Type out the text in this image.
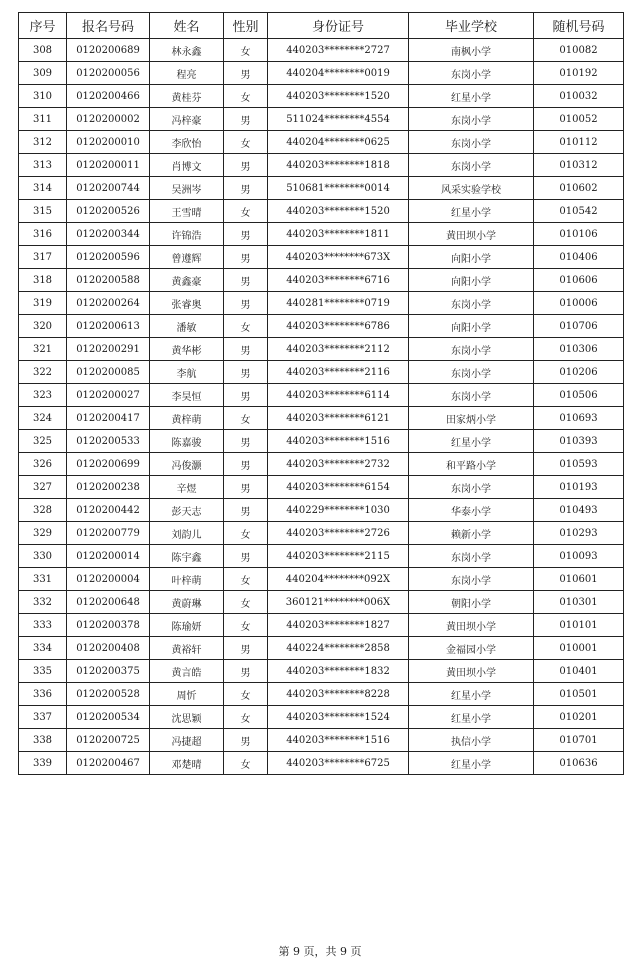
序号	报名号码	姓名	性别	身份证号	毕业学校	随机号码
308	0120200689	林永鑫	女	440203********2727	南枫小学	010082
309	0120200056	程亮	男	440204********0019	东岗小学	010192
310	0120200466	黄桂芬	女	440203********1520	红星小学	010032
311	0120200002	冯梓豪	男	511024********4554	东岗小学	010052
312	0120200010	李欣怡	女	440204********0625	东岗小学	010112
313	0120200011	肖博文	男	440203********1818	东岗小学	010312
314	0120200744	吴洲岑	男	510681********0014	风采实验学校	010602
315	0120200526	王雪晴	女	440203********1520	红星小学	010542
316	0120200344	许锦浩	男	440203********1811	黄田坝小学	010106
317	0120200596	曾遵辉	男	440203********673X	向阳小学	010406
318	0120200588	黄鑫豪	男	440203********6716	向阳小学	010606
319	0120200264	张睿奥	男	440281********0719	东岗小学	010006
320	0120200613	潘敏	女	440203********6786	向阳小学	010706
321	0120200291	黄华彬	男	440203********2112	东岗小学	010306
322	0120200085	李航	男	440203********2116	东岗小学	010206
323	0120200027	李昊恒	男	440203********6114	东岗小学	010506
324	0120200417	黄梓萌	女	440203********6121	田家炳小学	010693
325	0120200533	陈嘉骏	男	440203********1516	红星小学	010393
326	0120200699	冯俊灏	男	440203********2732	和平路小学	010593
327	0120200238	辛煜	男	440203********6154	东岗小学	010193
328	0120200442	彭天志	男	440229********1030	华泰小学	010493
329	0120200779	刘韵儿	女	440203********2726	赖新小学	010293
330	0120200014	陈宇鑫	男	440203********2115	东岗小学	010093
331	0120200004	叶梓萌	女	440204********092X	东岗小学	010601
332	0120200648	黄蔚琳	女	360121********006X	朝阳小学	010301
333	0120200378	陈瑜妍	女	440203********1827	黄田坝小学	010101
334	0120200408	黄裕轩	男	440224********2858	金福园小学	010001
335	0120200375	黄言皓	男	440203********1832	黄田坝小学	010401
336	0120200528	周忻	女	440203********8228	红星小学	010501
337	0120200534	沈思颖	女	440203********1524	红星小学	010201
338	0120200725	冯捷超	男	440203********1516	执信小学	010701
339	0120200467	邓楚晴	女	440203********6725	红星小学	010636
第 9 页，共 9 页
